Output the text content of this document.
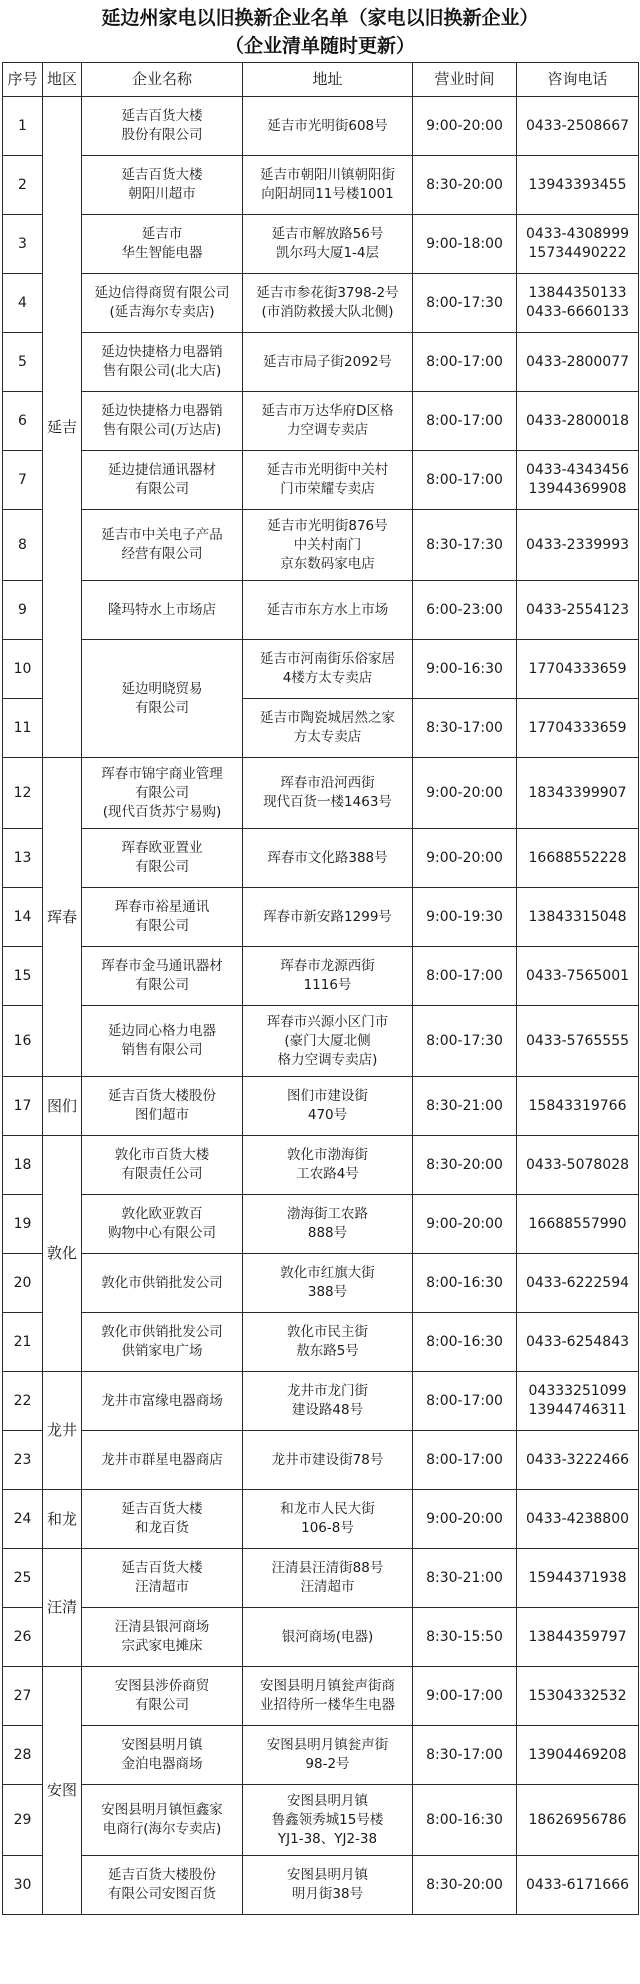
延边州家电以旧换新企业名单（家电以旧换新企业）
（企业清单随时更新）
序号	地区	企业名称	地址	营业时间	咨询电话
1	延吉	延吉百货大楼
股份有限公司	延吉市光明街608号	9:00-20:00	0433-2508667

2		延吉百货大楼
朝阳川超市	延吉市朝阳川镇朝阳街
向阳胡同11号楼1001	8:30-20:00	13943393455

3		延吉市
华生智能电器	延吉市解放路56号
凯尔玛大厦1-4层	9:00-18:00	0433-4308999
15734490222

4		延边信得商贸有限公司
(延吉海尔专卖店)	延吉市参花街3798-2号
(市消防救援大队北侧)	8:00-17:30	13844350133
0433-6660133

5		延边快捷格力电器销
售有限公司(北大店)	延吉市局子街2092号	8:00-17:00	0433-2800077

6		延边快捷格力电器销
售有限公司(万达店)	延吉市万达华府D区格
力空调专卖店	8:00-17:00	0433-2800018

7		延边捷信通讯器材
有限公司	延吉市光明街中关村
门市荣耀专卖店	8:00-17:00	0433-4343456
13944369908

8		延吉市中关电子产品
经营有限公司	延吉市光明街876号
中关村南门
京东数码家电店	8:30-17:30	0433-2339993

9		隆玛特水上市场店	延吉市东方水上市场	6:00-23:00	0433-2554123

10		延边明晓贸易
有限公司	延吉市河南街乐俗家居
4楼方太专卖店	9:00-16:30	17704333659

11			延吉市陶瓷城居然之家
方太专卖店	8:30-17:00	17704333659

12	珲春	珲春市锦宇商业管理
有限公司
(现代百货苏宁易购)	珲春市沿河西街
现代百货一楼1463号	9:00-20:00	18343399907

13		珲春欧亚置业
有限公司	珲春市文化路388号	9:00-20:00	16688552228

14		珲春市裕星通讯
有限公司	珲春市新安路1299号	9:00-19:30	13843315048

15		珲春市金马通讯器材
有限公司	珲春市龙源西街
1116号	8:00-17:00	0433-7565001

16		延边同心格力电器
销售有限公司	珲春市兴源小区门市
(豪门大厦北侧
格力空调专卖店)	8:00-17:30	0433-5765555

17	图们	延吉百货大楼股份
图们超市	图们市建设街
470号	8:30-21:00	15843319766

18	敦化	敦化市百货大楼
有限责任公司	敦化市渤海街
工农路4号	8:30-20:00	0433-5078028

19		敦化欧亚敦百
购物中心有限公司	渤海街工农路
888号	9:00-20:00	16688557990

20		敦化市供销批发公司	敦化市红旗大街
388号	8:00-16:30	0433-6222594

21		敦化市供销批发公司
供销家电广场	敦化市民主街
敖东路5号	8:00-16:30	0433-6254843

22	龙井	龙井市富缘电器商场	龙井市龙门街
建设路48号	8:00-17:00	04333251099
13944746311

23		龙井市群星电器商店	龙井市建设街78号	8:00-17:00	0433-3222466

24	和龙	延吉百货大楼
和龙百货	和龙市人民大街
106-8号	9:00-20:00	0433-4238800

25	汪清	延吉百货大楼
汪清超市	汪清县汪清街88号
汪清超市	8:30-21:00	15944371938

26		汪清县银河商场
宗武家电摊床	银河商场(电器)	8:30-15:50	13844359797

27	安图	安图县涉侨商贸
有限公司	安图县明月镇瓮声街商
业招待所一楼华生电器	9:00-17:00	15304332532

28		安图县明月镇
金泊电器商场	安图县明月镇瓮声街
98-2号	8:30-17:00	13904469208

29		安图县明月镇恒鑫家
电商行(海尔专卖店)	安图县明月镇
鲁鑫领秀城15号楼
YJ1-38、YJ2-38	8:00-16:30	18626956786

30		延吉百货大楼股份
有限公司安图百货	安图县明月镇
明月街38号	8:30-20:00	0433-6171666
